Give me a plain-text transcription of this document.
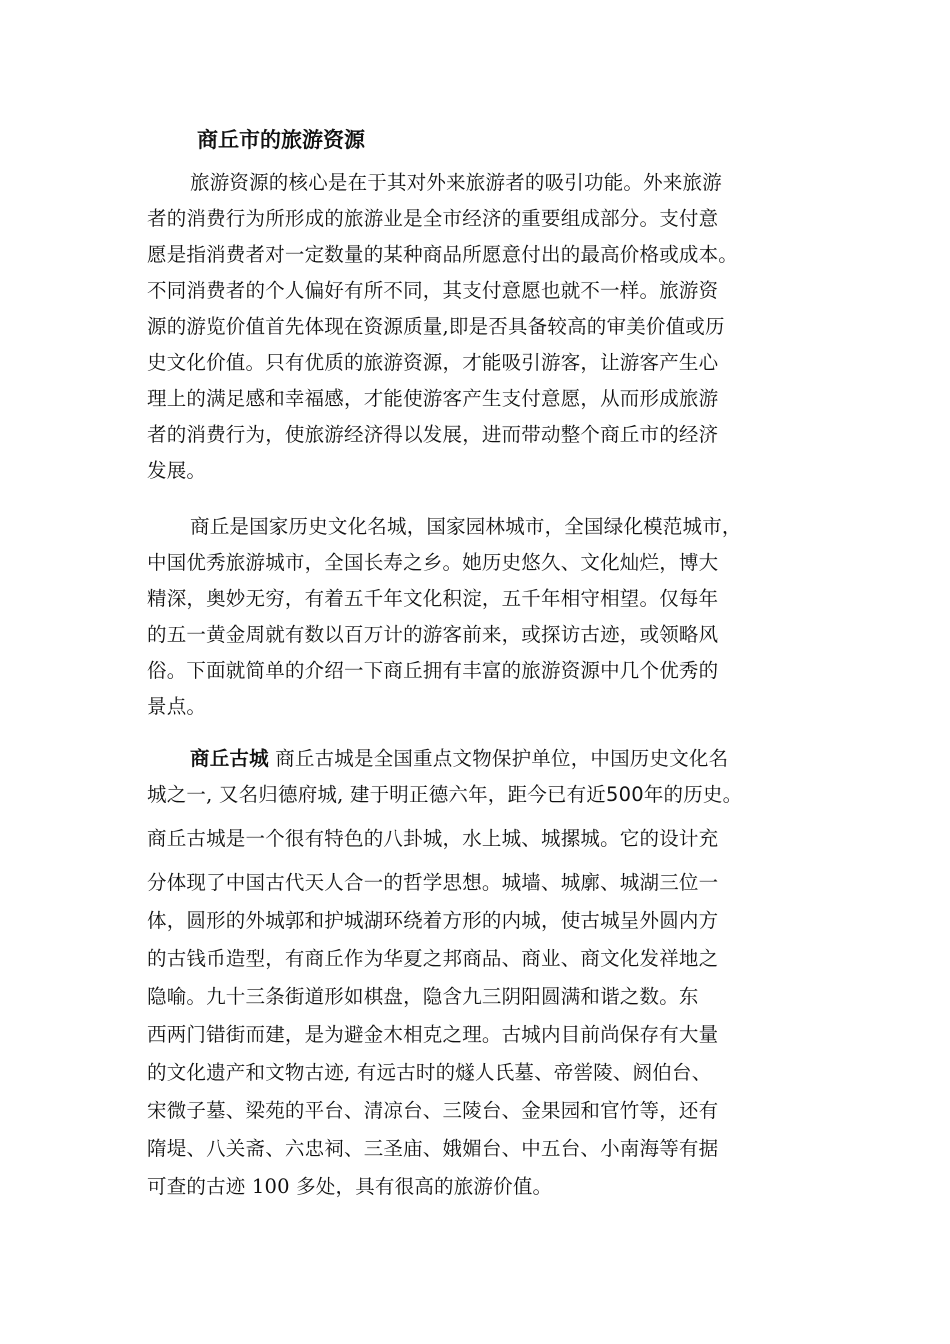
商丘市的旅游资源
旅游资源的核心是在于其对外来旅游者的吸引功能。外来旅游
者的消费行为所形成的旅游业是全市经济的重要组成部分。支付意
愿是指消费者对一定数量的某种商品所愿意付出的最高价格或成本。
不同消费者的个人偏好有所不同，其支付意愿也就不一样。旅游资
源的游览价值首先体现在资源质量,即是否具备较高的审美价值或历
史文化价值。只有优质的旅游资源，才能吸引游客，让游客产生心
理上的满足感和幸福感，才能使游客产生支付意愿，从而形成旅游
者的消费行为，使旅游经济得以发展，进而带动整个商丘市的经济
发展。
商丘是国家历史文化名城，国家园林城市，全国绿化模范城市，
中国优秀旅游城市，全国长寿之乡。她历史悠久、文化灿烂，博大
精深，奥妙无穷，有着五千年文化积淀，五千年相守相望。仅每年
的五一黄金周就有数以百万计的游客前来，或探访古迹，或领略风
俗。下面就简单的介绍一下商丘拥有丰富的旅游资源中几个优秀的
景点。
商丘古城 商丘古城是全国重点文物保护单位，中国历史文化名
城之一, 又名归德府城, 建于明正德六年，距今已有近500年的历史。
商丘古城是一个很有特色的八卦城，水上城、城摞城。它的设计充
分体现了中国古代天人合一的哲学思想。城墙、城廓、城湖三位一
体，圆形的外城郭和护城湖环绕着方形的内城，使古城呈外圆内方
的古钱币造型，有商丘作为华夏之邦商品、商业、商文化发祥地之
隐喻。九十三条街道形如棋盘，隐含九三阴阳圆满和谐之数。东
西两门错街而建，是为避金木相克之理。古城内目前尚保存有大量
的文化遗产和文物古迹, 有远古时的燧人氏墓、帝喾陵、阏伯台、
宋微子墓、梁苑的平台、清凉台、三陵台、金果园和官竹等，还有
隋堤、八关斋、六忠祠、三圣庙、娥媚台、中五台、小南海等有据
可查的古迹 100 多处，具有很高的旅游价值。
